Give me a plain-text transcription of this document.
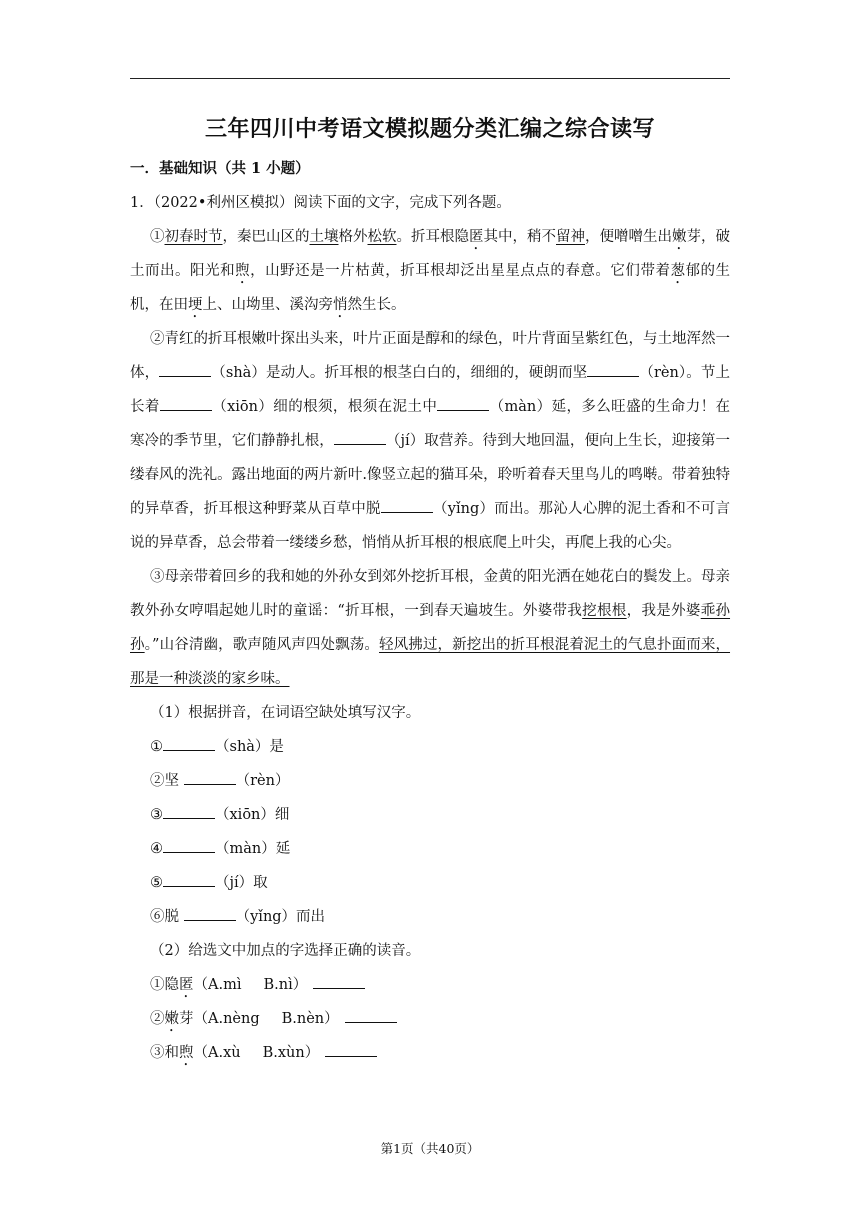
三年四川中考语文模拟题分类汇编之综合读写
一．基础知识（共 1 小题）
1．（2022•利州区模拟）阅读下面的文字，完成下列各题。

①初春时节，秦巴山区的土壤格外松软。折耳根隐匿其中，稍不留神，便噌噌生出嫩芽，破土而出。阳光和煦，山野还是一片枯黄，折耳根却泛出星星点点的春意。它们带着葱郁的生机，在田埂上、山坳里、溪沟旁悄然生长。

②青红的折耳根嫩叶探出头来，叶片正面是醇和的绿色，叶片背面呈紫红色，与土地浑然一体，	（shà）是动人。折耳根的根茎白白的，细细的，硬朗而坚	（rèn）。节上长着	（xiōn）细的根须，根须在泥土中	（màn）延，多么旺盛的生命力！在寒冷的季节里，它们静静扎根，	（jí）取营养。待到大地回温，便向上生长，迎接第一缕春风的洗礼。露出地面的两片新叶.像竖立起的猫耳朵，聆听着春天里鸟儿的鸣啭。带着独特的异草香，折耳根这种野菜从百草中脱	（yǐng）而出。那沁人心脾的泥土香和不可言说的异草香，总会带着一缕缕乡愁，悄悄从折耳根的根底爬上叶尖，再爬上我的心尖。

③母亲带着回乡的我和她的外孙女到郊外挖折耳根，金黄的阳光洒在她花白的鬓发上。母亲教外孙女哼唱起她儿时的童谣：“折耳根，一到春天遍坡生。外婆带我挖根根，我是外婆乖孙孙。”山谷清幽，歌声随风声四处飘荡。轻风拂过，新挖出的折耳根混着泥土的气息扑面而来，那是一种淡淡的家乡味。

（1）根据拼音，在词语空缺处填写汉字。

①	（shà）是

②坚	（rèn）

③	（xiōn）细

④	（màn）延

⑤	（jí）取

⑥脱	（yǐng）而出

（2）给选文中加点的字选择正确的读音。

①隐匿（A.mì B.nì）

②嫩芽（A.nèng B.nèn）

③和煦（A.xù B.xùn）

第1页（共40页）
